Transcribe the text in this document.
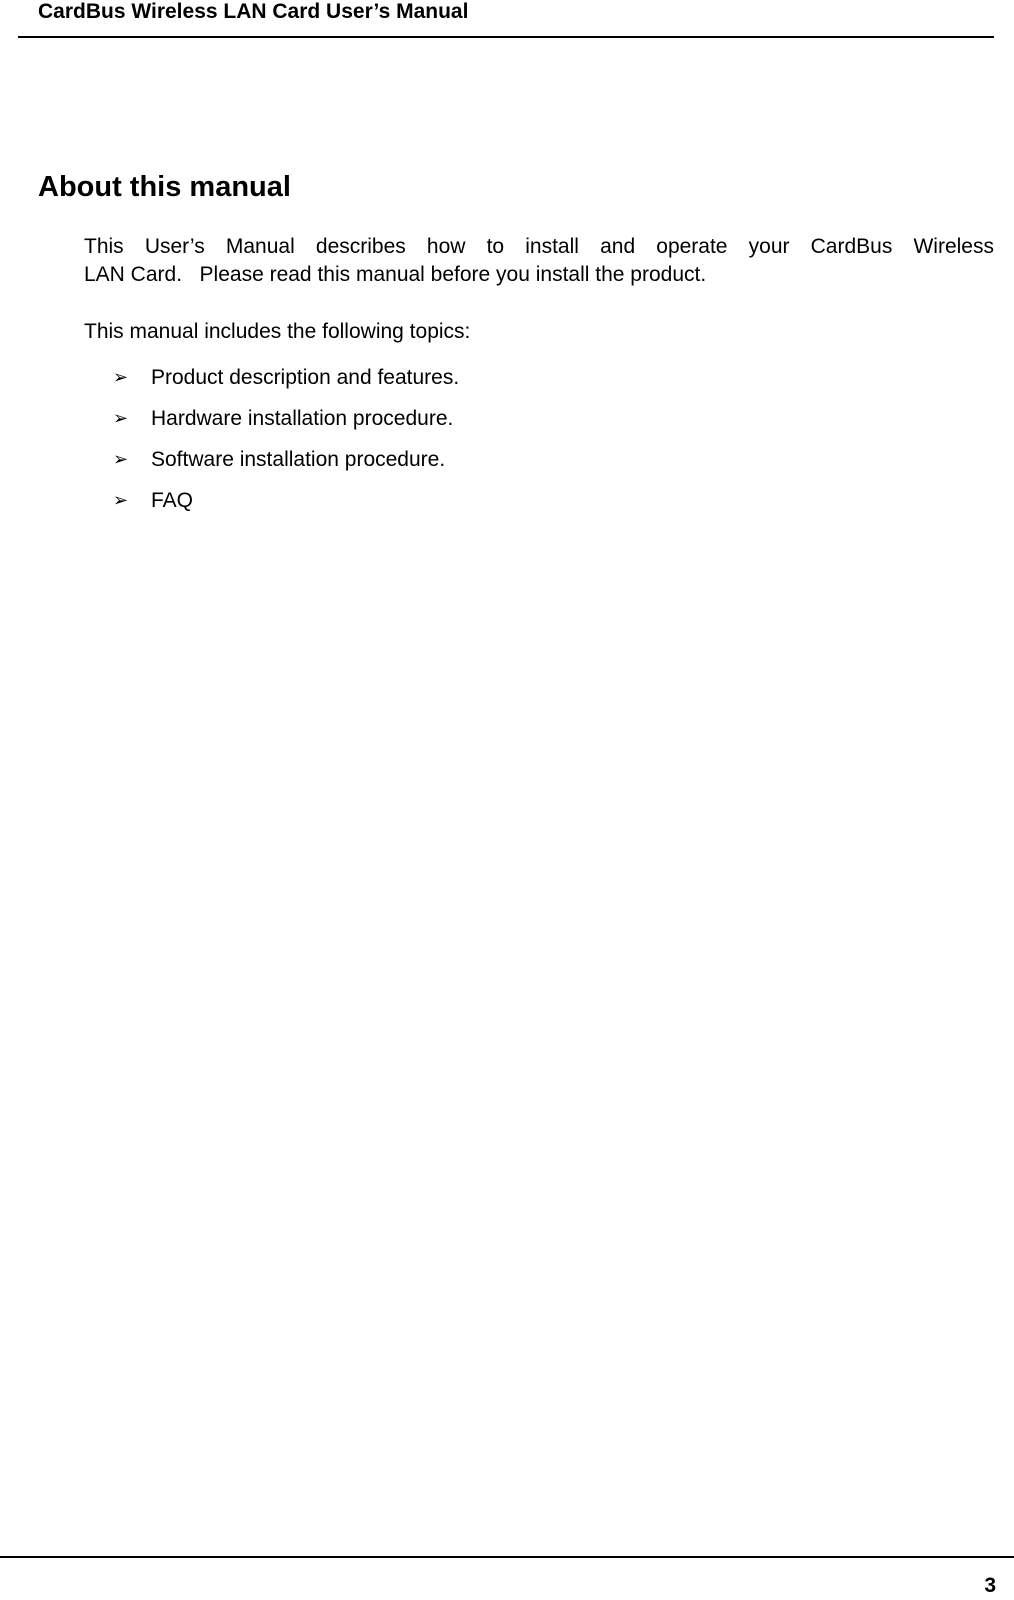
CardBus Wireless LAN Card User’s Manual
About this manual
This User’s Manual describes how to install and operate your CardBus Wireless
LAN Card.   Please read this manual before you install the product.
This manual includes the following topics:
➢ Product description and features.
➢ Hardware installation procedure.
➢ Software installation procedure.
➢ FAQ
3
